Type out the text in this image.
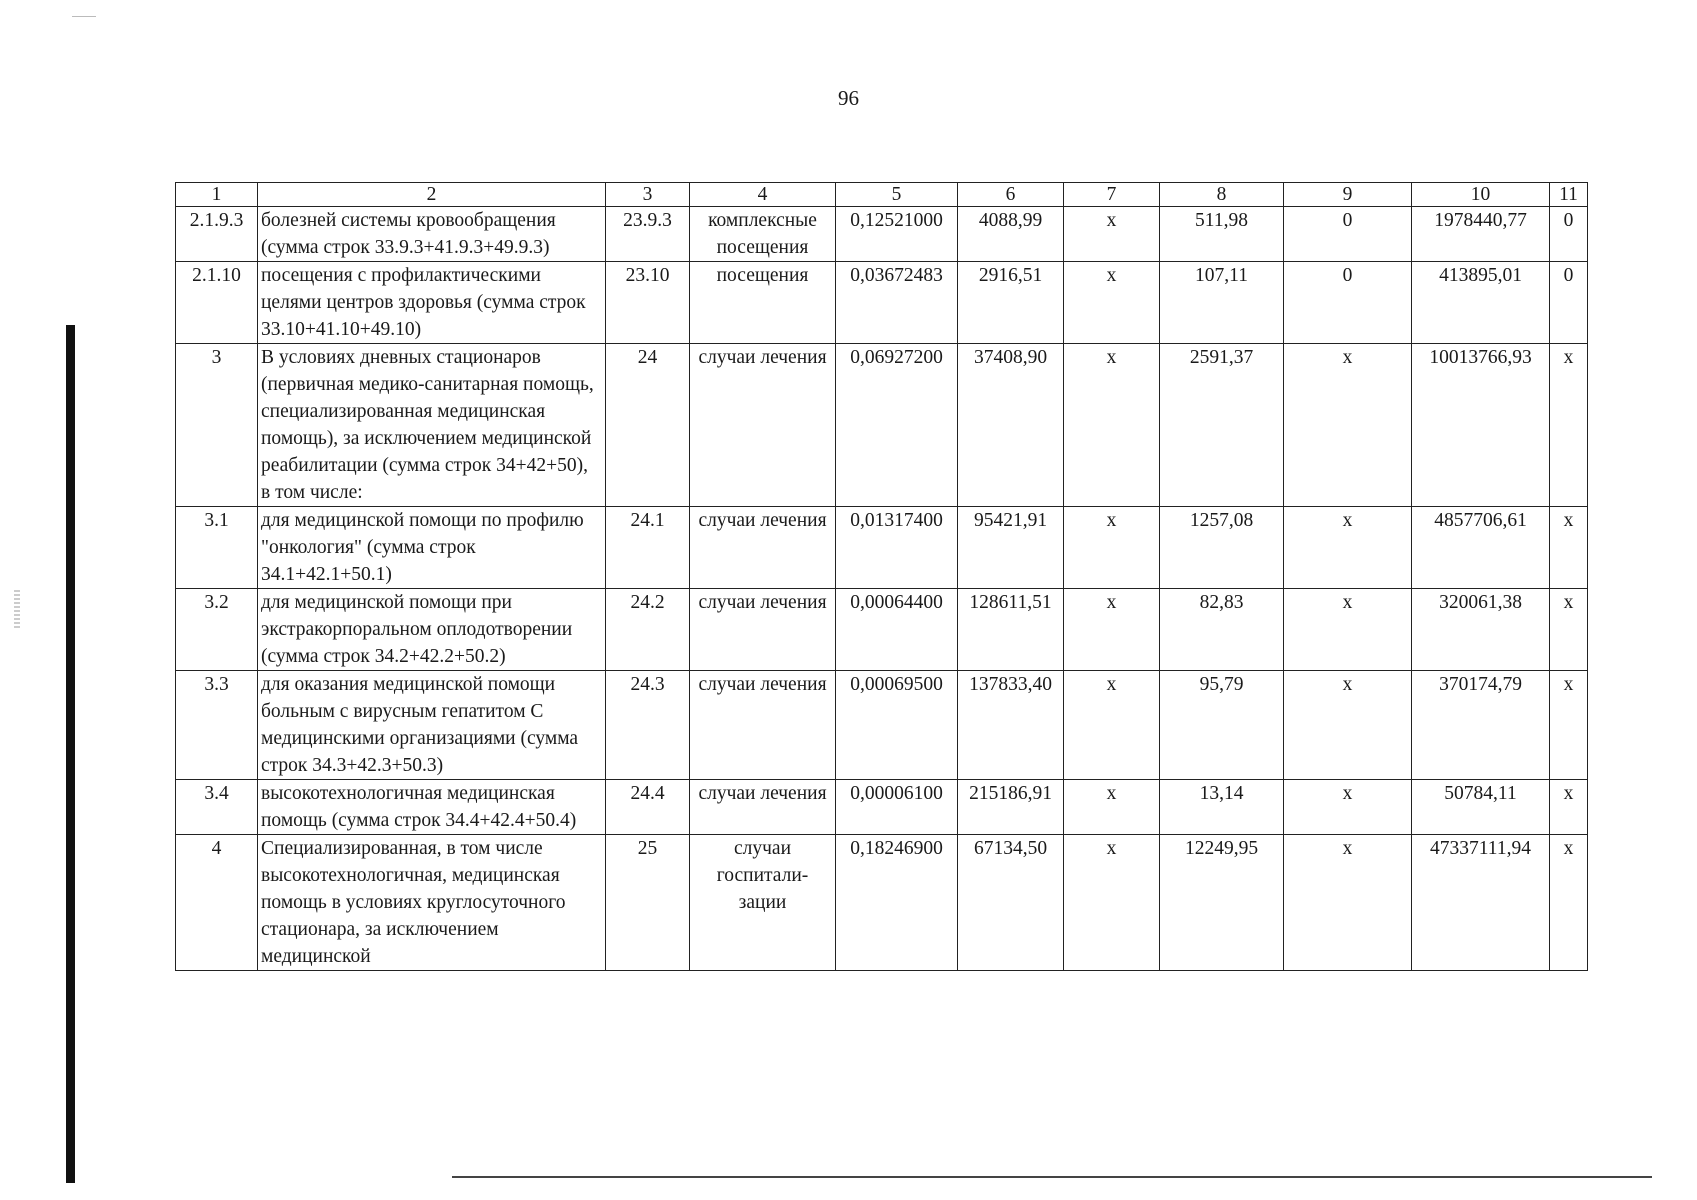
96
1	2	3	4	5	6	7	8	9	10	11
2.1.9.3	болезней системы кровообращения (сумма строк 33.9.3+41.9.3+49.9.3)	23.9.3	комплексные посещения	0,12521000	4088,99	х	511,98	0	1978440,77	0
2.1.10	посещения с профилактическими целями центров здоровья (сумма строк 33.10+41.10+49.10)	23.10	посещения	0,03672483	2916,51	х	107,11	0	413895,01	0
3	В условиях дневных стационаров (первичная медико-санитарная помощь, специализированная медицинская помощь), за исключением медицинской реабилитации (сумма строк 34+42+50), в том числе:	24	случаи лечения	0,06927200	37408,90	х	2591,37	х	10013766,93	х
3.1	для медицинской помощи по профилю "онкология" (сумма строк 34.1+42.1+50.1)	24.1	случаи лечения	0,01317400	95421,91	х	1257,08	х	4857706,61	х
3.2	для медицинской помощи при экстракорпоральном оплодотворении (сумма строк 34.2+42.2+50.2)	24.2	случаи лечения	0,00064400	128611,51	х	82,83	х	320061,38	х
3.3	для оказания медицинской помощи больным с вирусным гепатитом С медицинскими организациями (сумма строк 34.3+42.3+50.3)	24.3	случаи лечения	0,00069500	137833,40	х	95,79	х	370174,79	х
3.4	высокотехнологичная медицинская помощь (сумма строк 34.4+42.4+50.4)	24.4	случаи лечения	0,00006100	215186,91	х	13,14	х	50784,11	х
4	Специализированная, в том числе высокотехнологичная, медицинская помощь в условиях круглосуточного стационара, за исключением медицинской	25	случаи госпитали-зации	0,18246900	67134,50	х	12249,95	х	47337111,94	х
